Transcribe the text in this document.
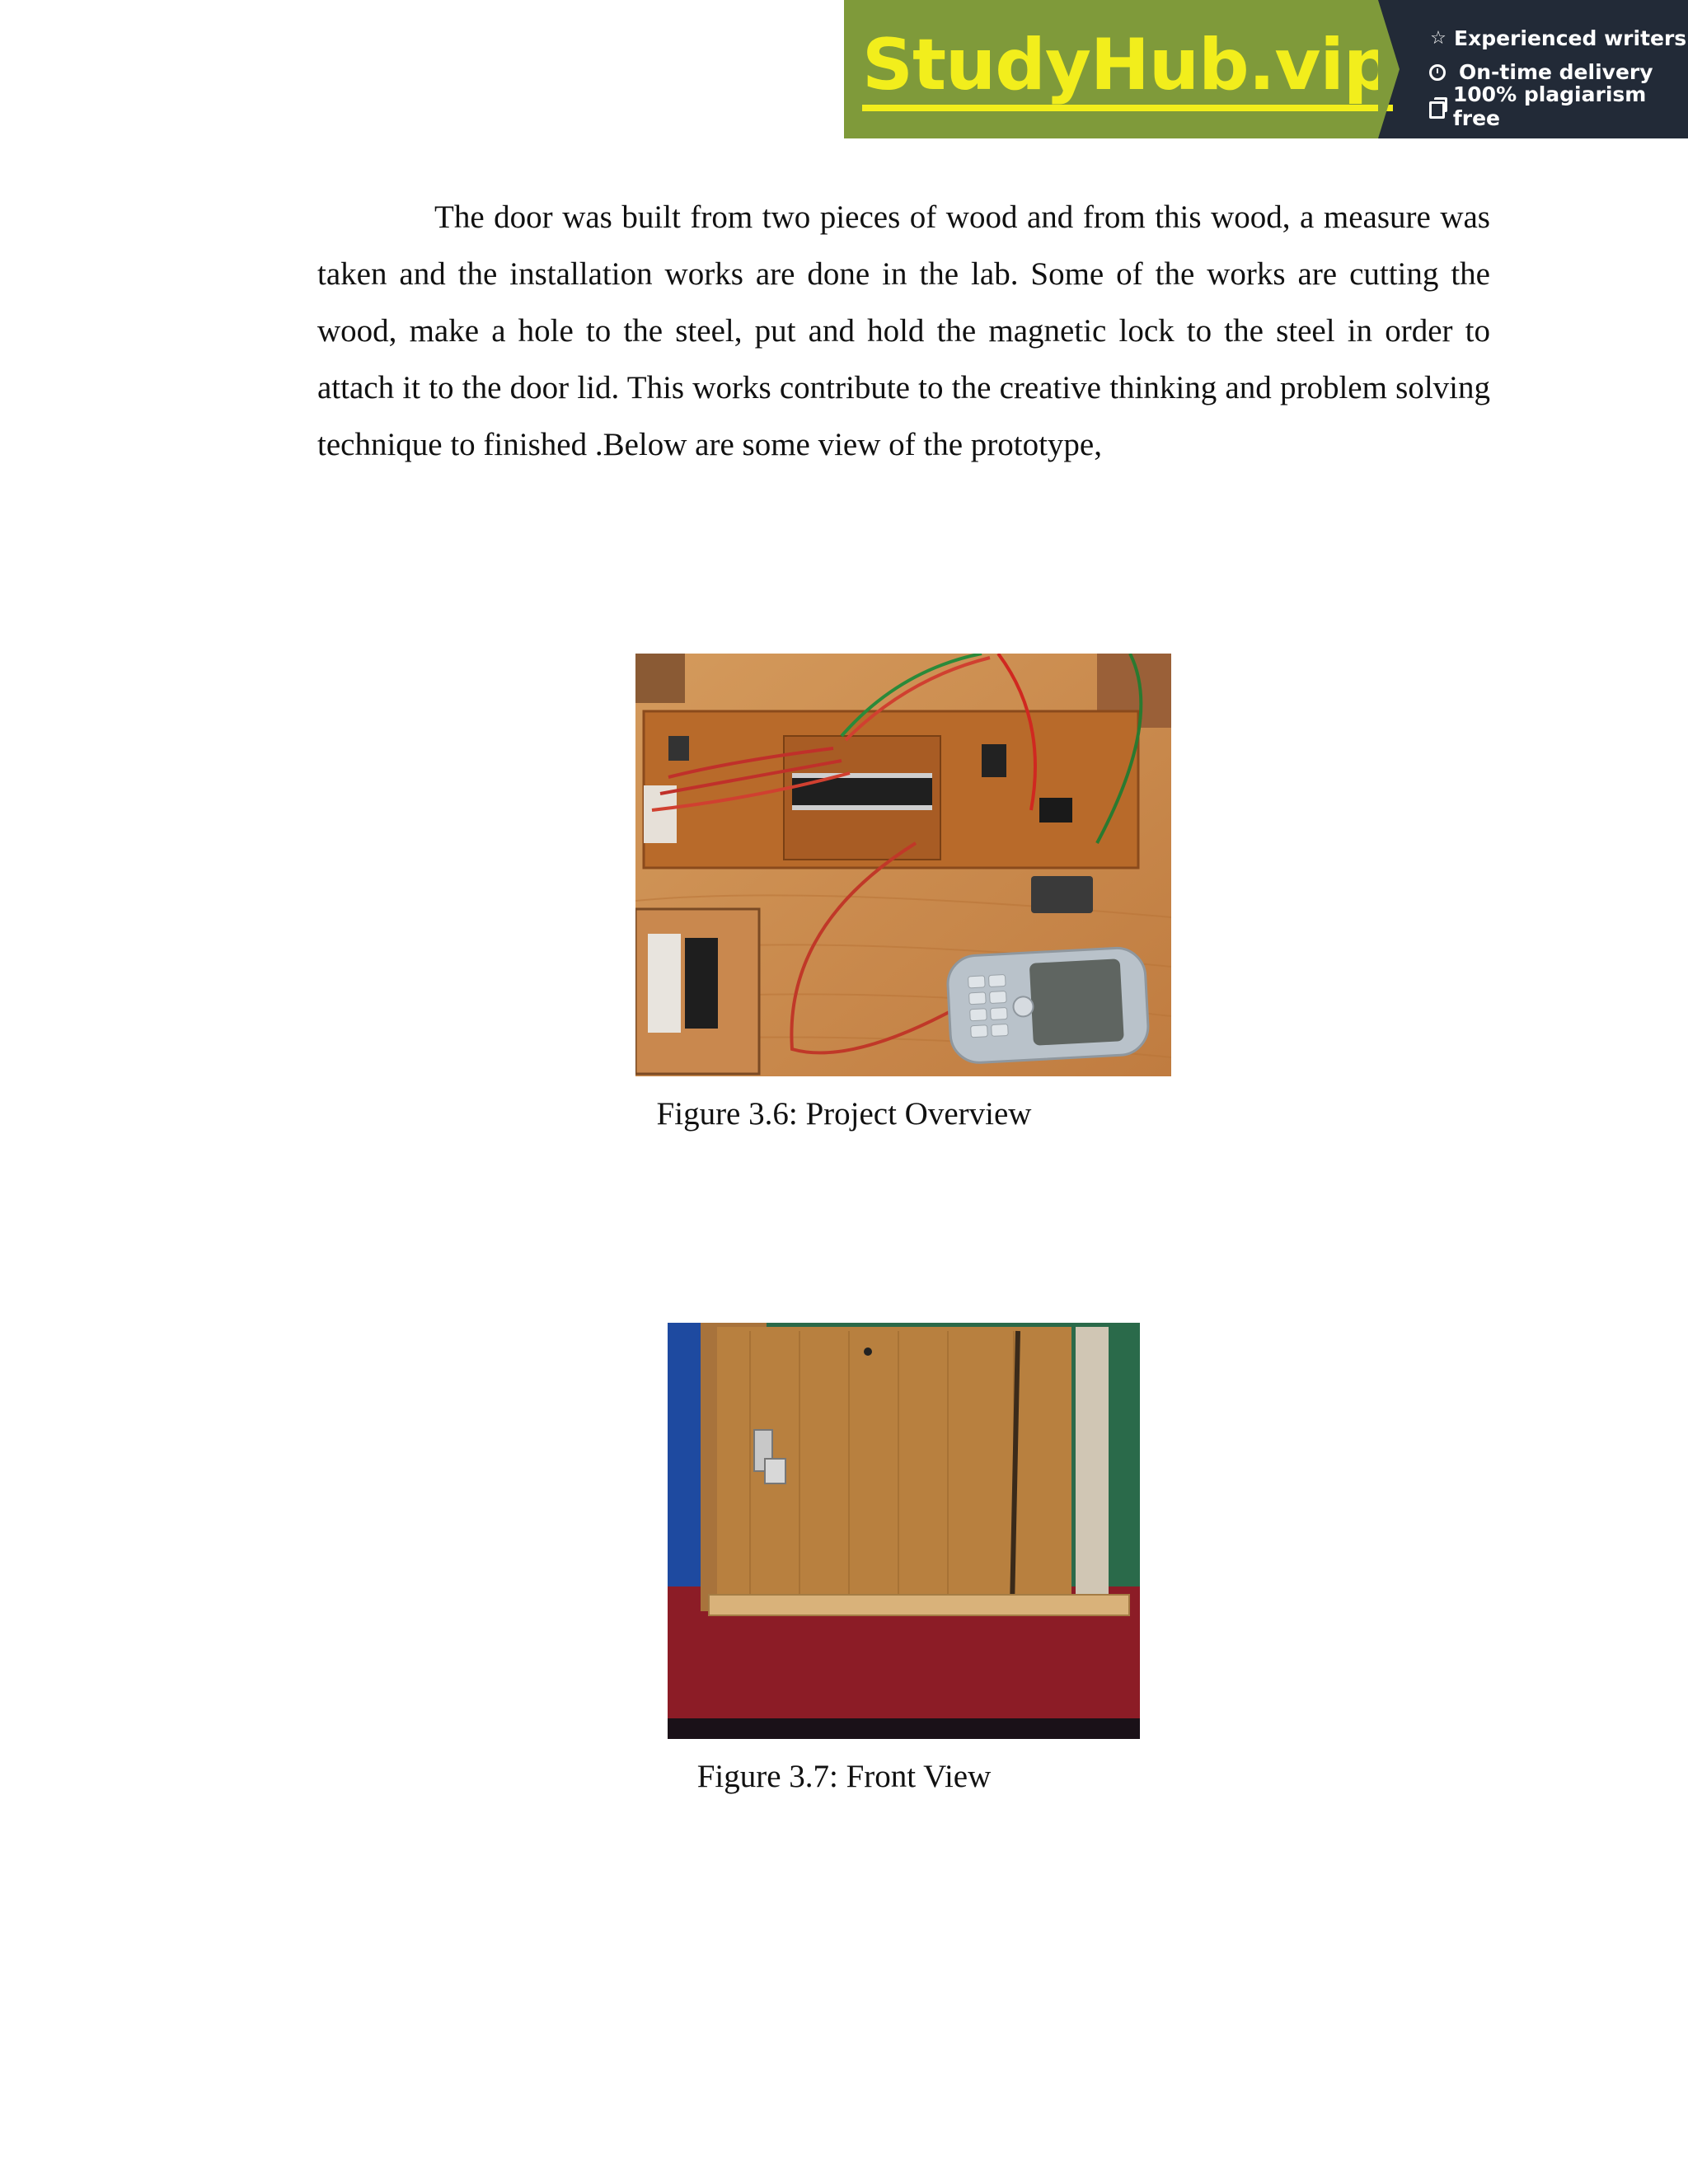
StudyHub.vip ☆ Experienced writers
On-time delivery
100% plagiarism free

The door was built from two pieces of wood and from this wood, a measure was taken and the installation works are done in the lab. Some of the works are cutting the wood, make a hole to the steel, put and hold the magnetic lock to the steel in order to attach it to the door lid. This works contribute to the creative thinking and problem solving technique to finished .Below are some view of the prototype,

Figure 3.6: Project Overview
Figure 3.7: Front View
